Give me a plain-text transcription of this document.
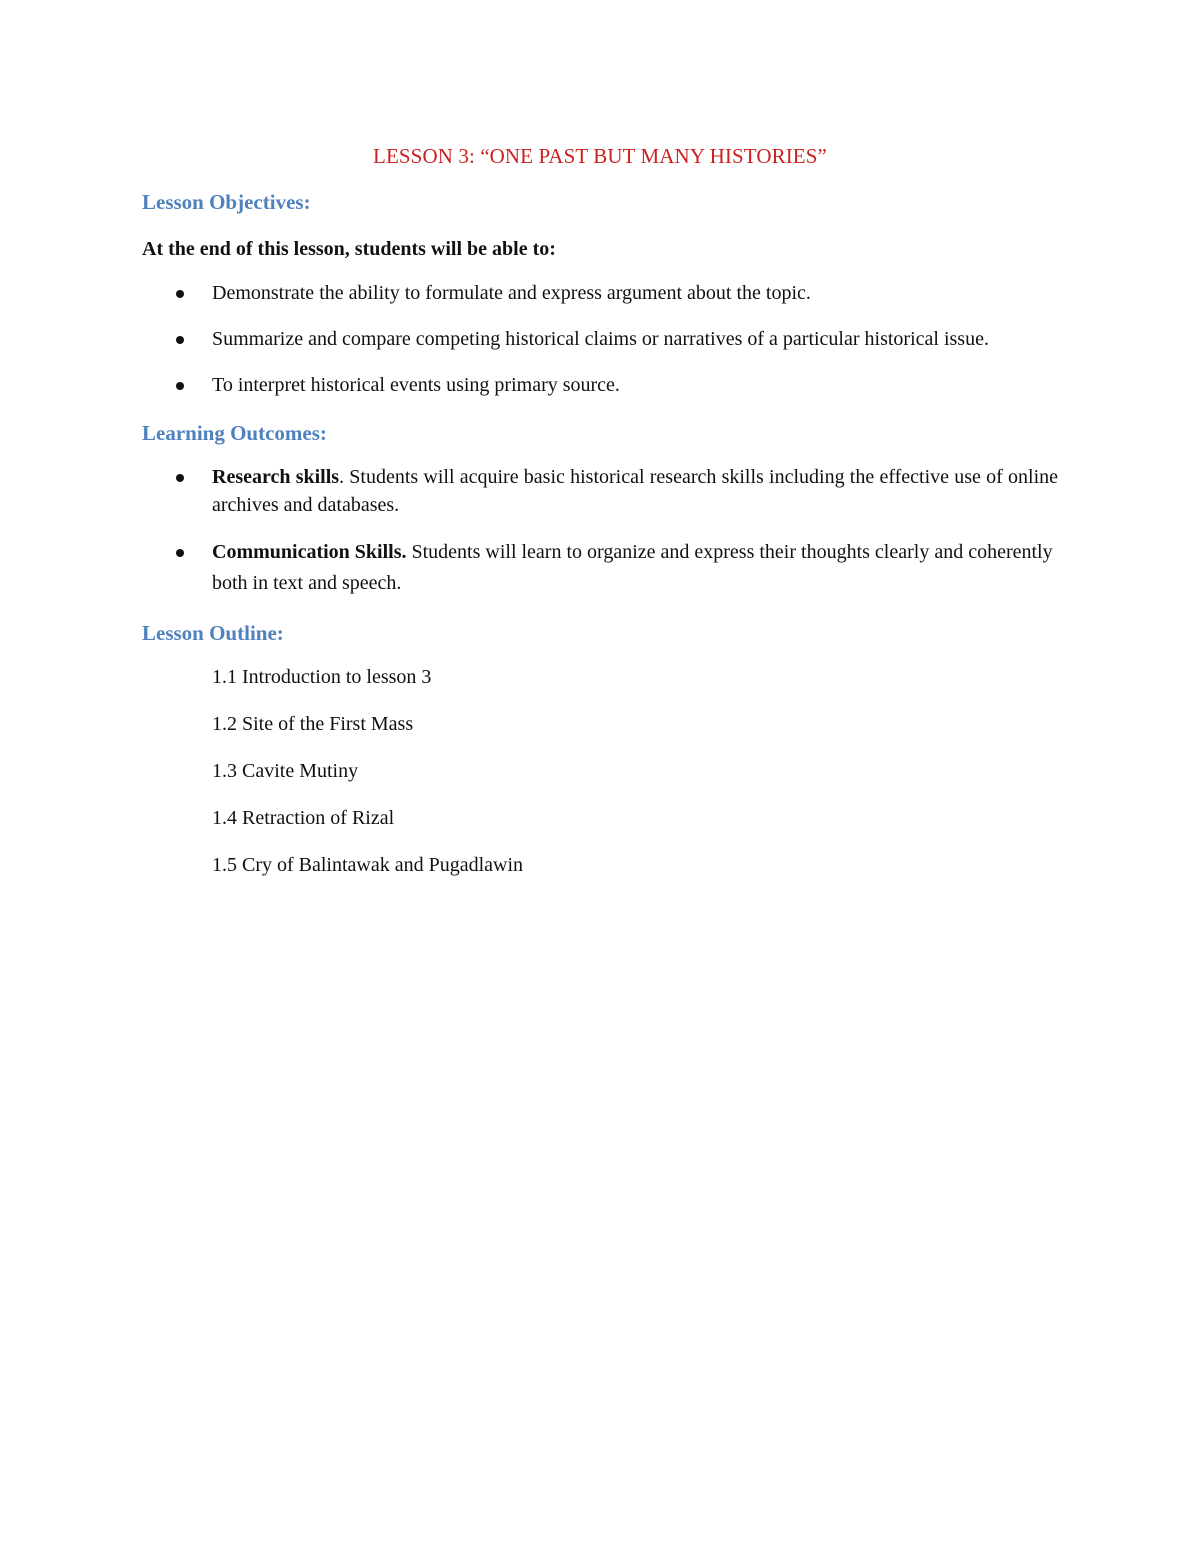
LESSON 3: “ONE PAST BUT MANY HISTORIES”
Lesson Objectives:

At the end of this lesson, students will be able to:

Demonstrate the ability to formulate and express argument about the topic.
Summarize and compare competing historical claims or narratives of a particular historical issue.
To interpret historical events using primary source.
Learning Outcomes:
Research skills. Students will acquire basic historical research skills including the effective use of online archives and databases.
Communication Skills. Students will learn to organize and express their thoughts clearly and coherently both in text and speech.
Lesson Outline:
1.1 Introduction to lesson 3
1.2 Site of the First Mass
1.3 Cavite Mutiny
1.4 Retraction of Rizal
1.5 Cry of Balintawak and Pugadlawin
